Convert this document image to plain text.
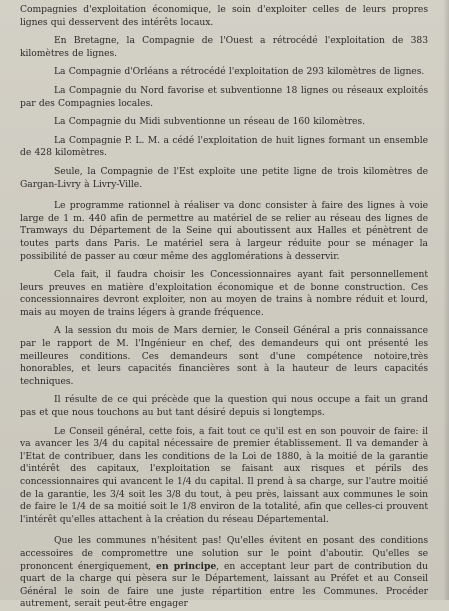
Compagnies d'exploitation économique, le soin d'exploiter celles de leurs propres lignes qui desservent des intérêts locaux.

En Bretagne, la Compagnie de l'Ouest a rétrocédé l'exploitation de 383 kilomètres de lignes.

La Compagnie d'Orléans a rétrocédé l'exploitation de 293 kilomètres de lignes.

La Compagnie du Nord favorise et subventionne 18 lignes ou réseaux exploités par des Compagnies locales.

La Compagnie du Midi subventionne un réseau de 160 kilomètres.

La Compagnie P. L. M. a cédé l'exploitation de huit lignes formant un ensemble de 428 kilomètres.

Seule, la Compagnie de l'Est exploite une petite ligne de trois kilomètres de Gargan-Livry à Livry-Ville.

Le programme rationnel à réaliser va donc consister à faire des lignes à voie large de 1 m. 440 afin de permettre au matériel de se relier au réseau des lignes de Tramways du Département de la Seine qui aboutissent aux Halles et pénètrent de toutes parts dans Paris. Le matériel sera à largeur réduite pour se ménager la possibilité de passer au cœur même des agglomérations à desservir.

Cela fait, il faudra choisir les Concessionnaires ayant fait personnellement leurs preuves en matière d'exploitation économique et de bonne construction. Ces concessionnaires devront exploiter, non au moyen de trains à nombre réduit et lourd, mais au moyen de trains légers à grande fréquence.

A la session du mois de Mars dernier, le Conseil Général a pris connaissance par le rapport de M. l'Ingénieur en chef, des demandeurs qui ont présenté les meilleures conditions. Ces demandeurs sont d'une compétence notoire,très honorables, et leurs capacités financières sont à la hauteur de leurs capacités techniques.

Il résulte de ce qui précède que la question qui nous occupe a fait un grand pas et que nous touchons au but tant désiré depuis si longtemps.

Le Conseil général, cette fois, a fait tout ce qu'il est en son pouvoir de faire: il va avancer les 3/4 du capital nécessaire de premier établissement. Il va demander à l'Etat de contribuer, dans les conditions de la Loi de 1880, à la moitié de la garantie d'intérêt des capitaux, l'exploitation se faisant aux risques et périls des concessionnaires qui avancent le 1/4 du capital. Il prend à sa charge, sur l'autre moitié de la garantie, les 3/4 soit les 3/8 du tout, à peu près, laissant aux communes le soin de faire le 1/4 de sa moitié soit le 1/8 environ de la totalité, afin que celles-ci prouvent l'intérêt qu'elles attachent à la création du réseau Départemental.

Que les communes n'hésitent pas! Qu'elles évitent en posant des conditions accessoires de compromettre une solution sur le point d'aboutir. Qu'elles se prononcent énergiquement, en principe, en acceptant leur part de contribution du quart de la charge qui pèsera sur le Département, laissant au Préfet et au Conseil Général le soin de faire une juste répartition entre les Communes. Procéder autrement, serait peut-être engager
